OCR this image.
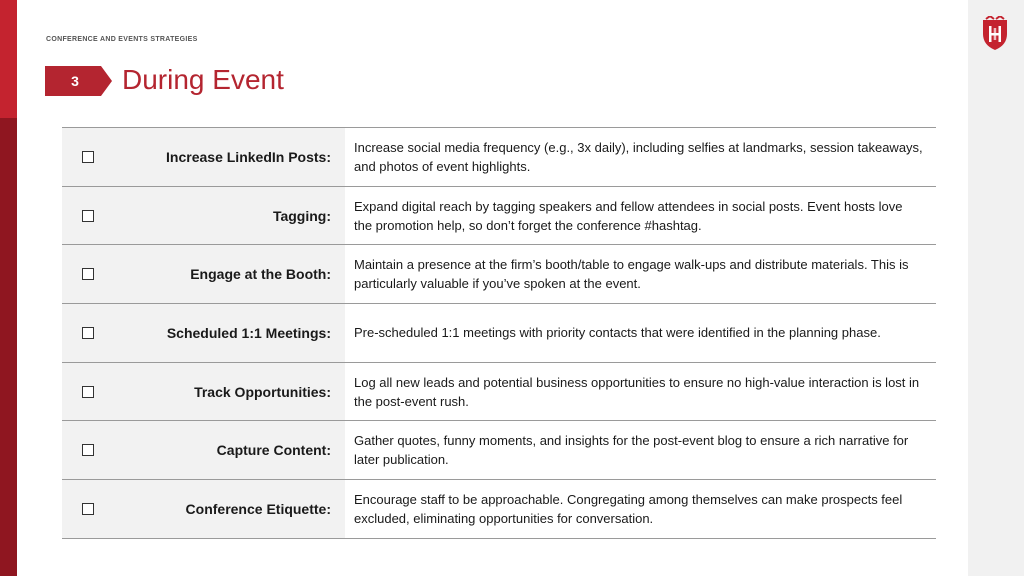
CONFERENCE AND EVENTS STRATEGIES
3	During Event
Increase LinkedIn Posts:
Increase social media frequency (e.g., 3x daily), including selfies at landmarks, session takeaways, and photos of event highlights.
Tagging:
Expand digital reach by tagging speakers and fellow attendees in social posts. Event hosts love the promotion help, so don’t forget the conference #hashtag.
Engage at the Booth:
Maintain a presence at the firm’s booth/table to engage walk-ups and distribute materials. This is particularly valuable if you’ve spoken at the event.
Scheduled 1:1 Meetings:	Pre-scheduled 1:1 meetings with priority contacts that were identified in the planning phase.
Track Opportunities:
Log all new leads and potential business opportunities to ensure no high-value interaction is lost in the post-event rush.
Capture Content:
Gather quotes, funny moments, and insights for the post-event blog to ensure a rich narrative for later publication.
Conference Etiquette:
Encourage staff to be approachable. Congregating among themselves can make prospects feel excluded, eliminating opportunities for conversation.
